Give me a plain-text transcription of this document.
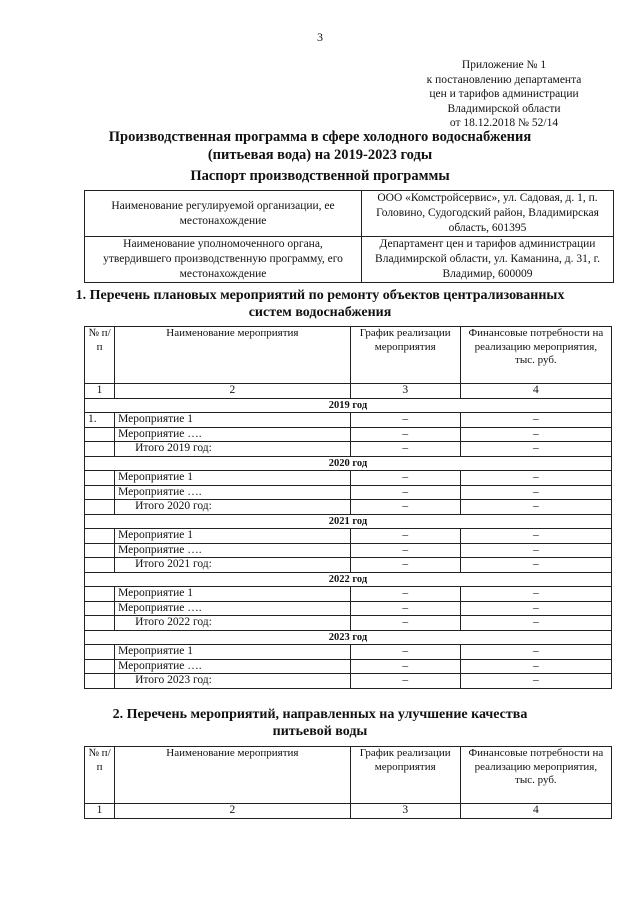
3
Приложение № 1
к постановлению департамента
цен и тарифов администрации
Владимирской области
от 18.12.2018 № 52/14
Производственная программа в сфере холодного водоснабжения
(питьевая вода) на 2019-2023 годы
Паспорт производственной программы
Наименование регулируемой организации, ее местонахождение	ООО «Комстройсервис», ул. Садовая, д. 1, п. Головино, Судогодский район, Владимирская область, 601395
Наименование уполномоченного органа, утвердившего производственную программу, его местонахождение	Департамент цен и тарифов администрации Владимирской области, ул. Каманина, д. 31, г. Владимир, 600009
1. Перечень плановых мероприятий по ремонту объектов централизованных систем водоснабжения
№ п/п	Наименование мероприятия	График реализации мероприятия	Финансовые потребности на реализацию мероприятия, тыс. руб.
1	2	3	4
2019 год			
1.	Мероприятие 1	–	–
	Мероприятие ….	–	–
	Итого 2019 год:	–	–
2020 год			
	Мероприятие 1	–	–
	Мероприятие ….	–	–
	Итого 2020 год:	–	–
2021 год			
	Мероприятие 1	–	–
	Мероприятие ….	–	–
	Итого 2021 год:	–	–
2022 год			
	Мероприятие 1	–	–
	Мероприятие ….	–	–
	Итого 2022 год:	–	–
2023 год			
	Мероприятие 1	–	–
	Мероприятие ….	–	–
	Итого 2023 год:	–	–
2. Перечень мероприятий, направленных на улучшение качества питьевой воды
№ п/п	Наименование мероприятия	График реализации мероприятия	Финансовые потребности на реализацию мероприятия, тыс. руб.
1	2	3	4
